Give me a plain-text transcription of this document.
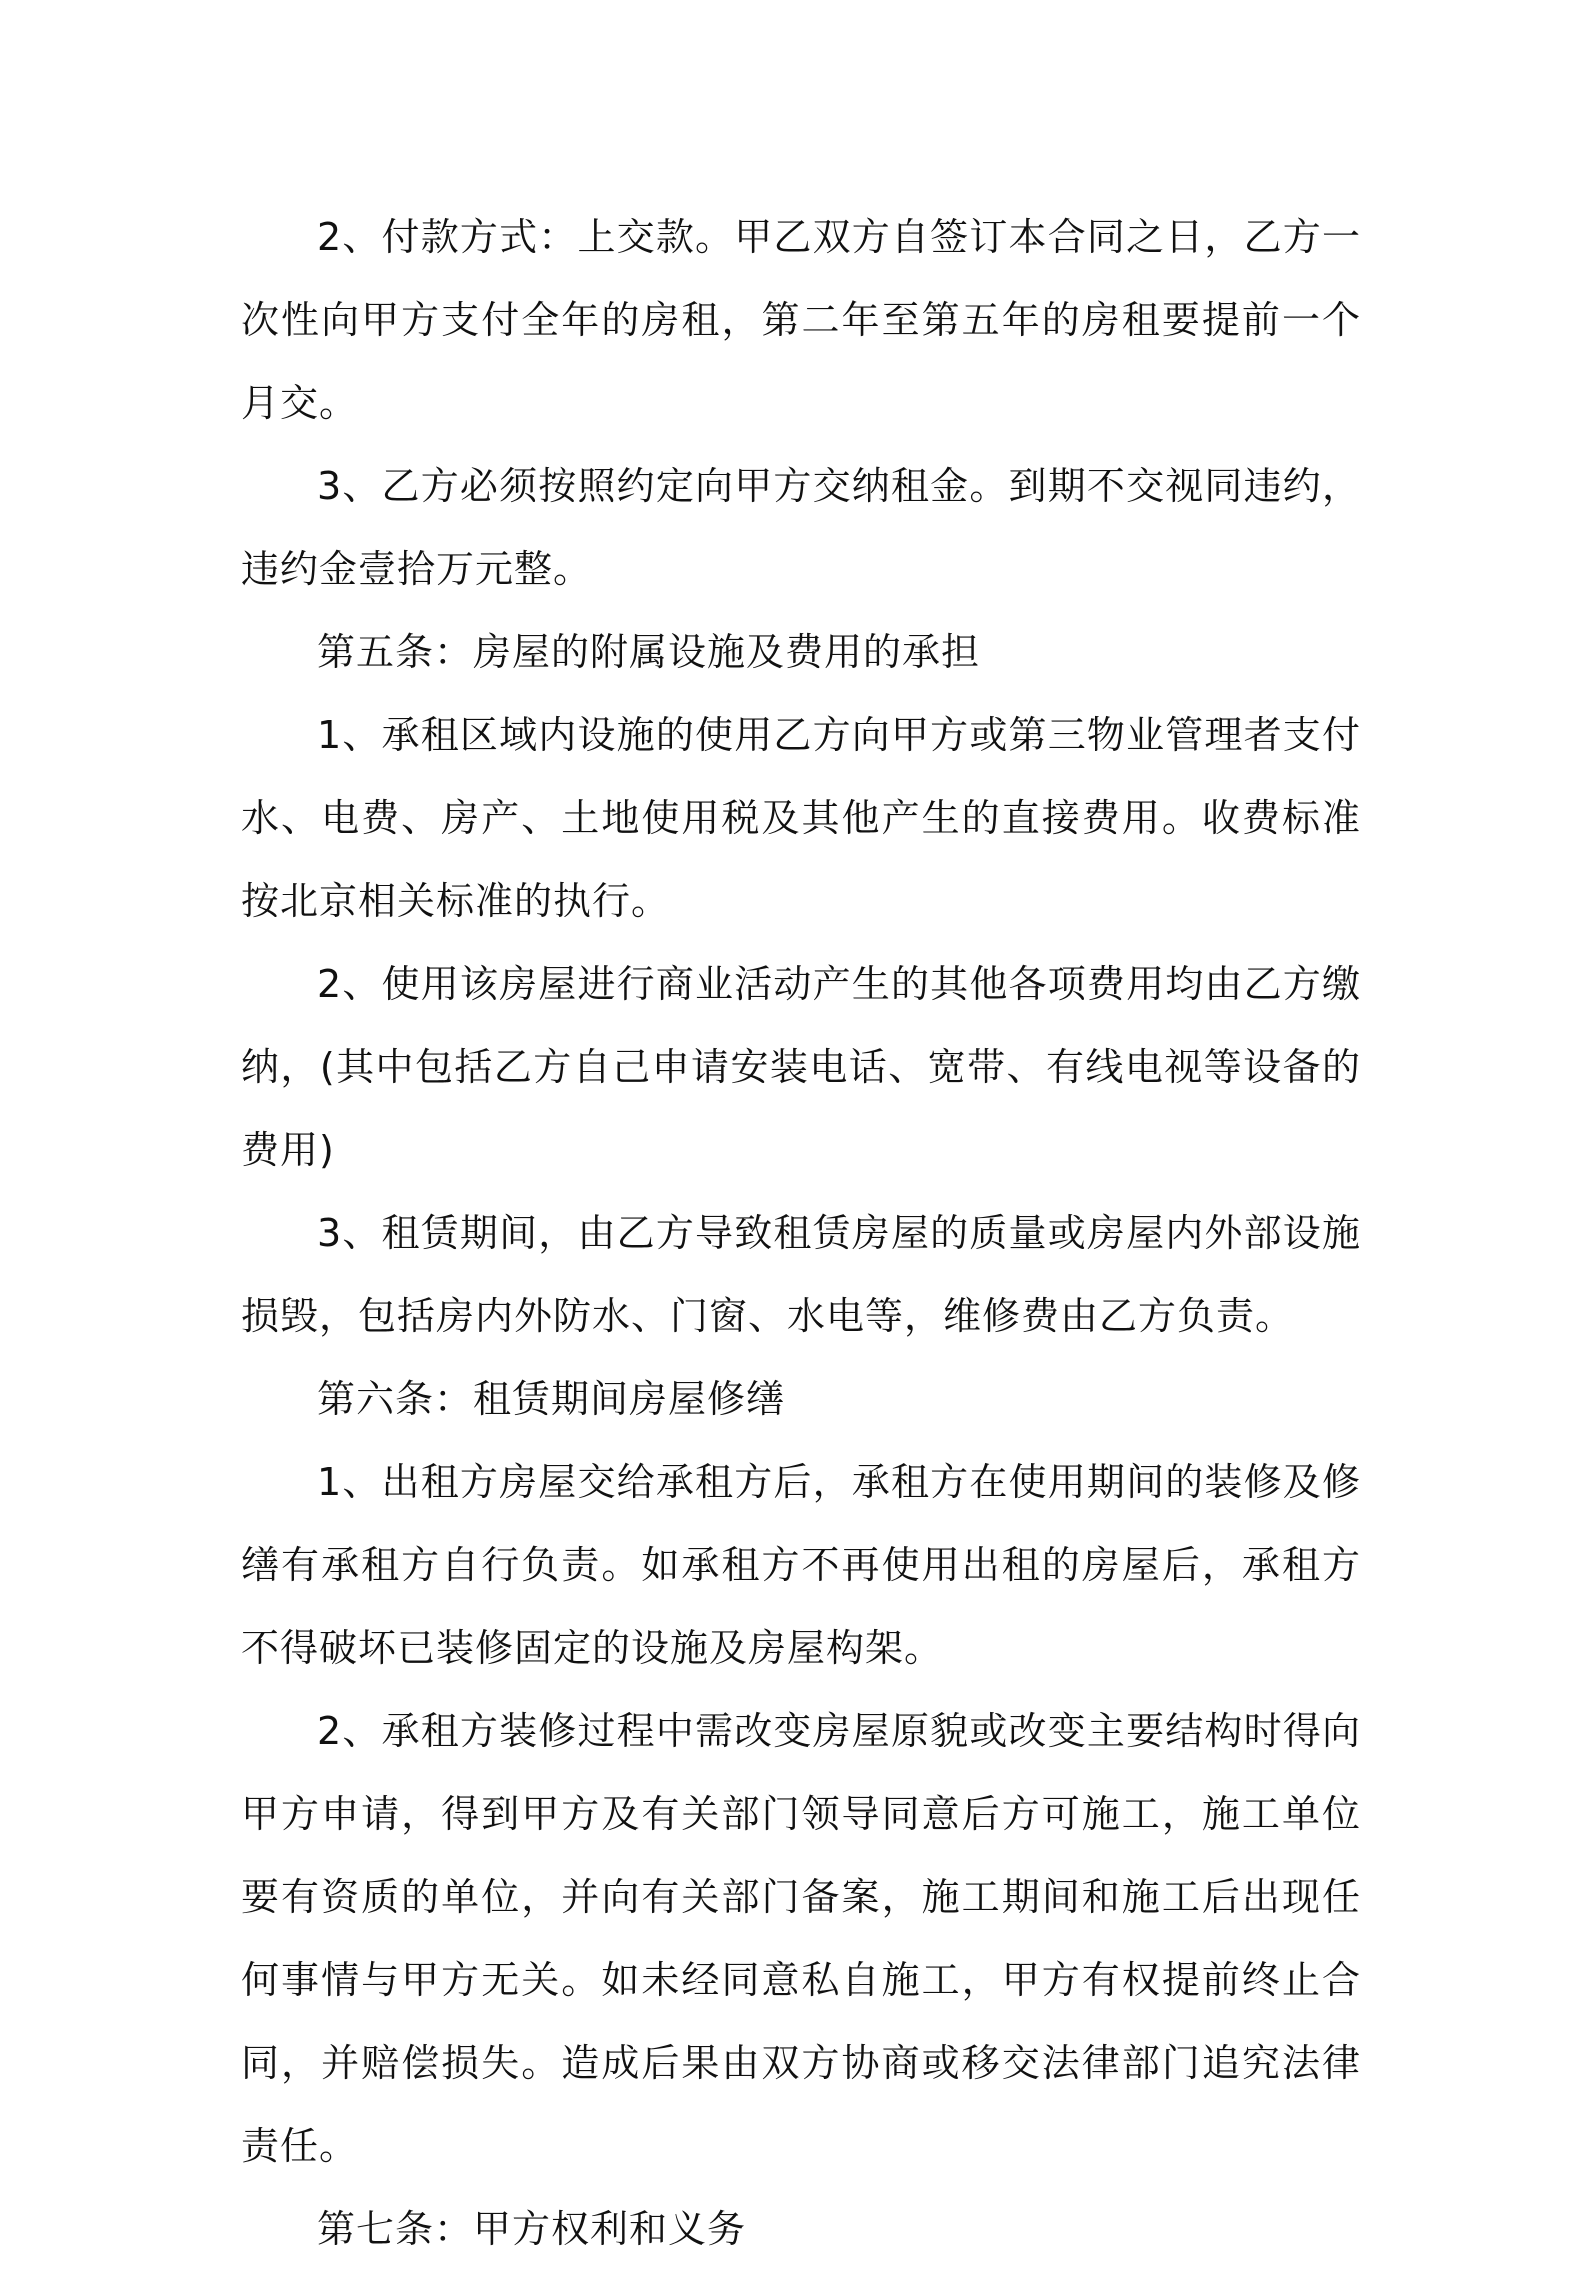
2、付款方式：上交款。甲乙双方自签订本合同之日，乙方一次性向甲方支付全年的房租，第二年至第五年的房租要提前一个月交。

3、乙方必须按照约定向甲方交纳租金。到期不交视同违约，违约金壹拾万元整。

第五条：房屋的附属设施及费用的承担

1、承租区域内设施的使用乙方向甲方或第三物业管理者支付水、电费、房产、土地使用税及其他产生的直接费用。收费标准按北京相关标准的执行。

2、使用该房屋进行商业活动产生的其他各项费用均由乙方缴纳，(其中包括乙方自己申请安装电话、宽带、有线电视等设备的费用)

3、租赁期间，由乙方导致租赁房屋的质量或房屋内外部设施损毁，包括房内外防水、门窗、水电等，维修费由乙方负责。

第六条：租赁期间房屋修缮

1、出租方房屋交给承租方后，承租方在使用期间的装修及修缮有承租方自行负责。如承租方不再使用出租的房屋后，承租方不得破坏已装修固定的设施及房屋构架。

2、承租方装修过程中需改变房屋原貌或改变主要结构时得向甲方申请，得到甲方及有关部门领导同意后方可施工，施工单位要有资质的单位，并向有关部门备案，施工期间和施工后出现任何事情与甲方无关。如未经同意私自施工，甲方有权提前终止合同，并赔偿损失。造成后果由双方协商或移交法律部门追究法律责任。

第七条：甲方权利和义务
